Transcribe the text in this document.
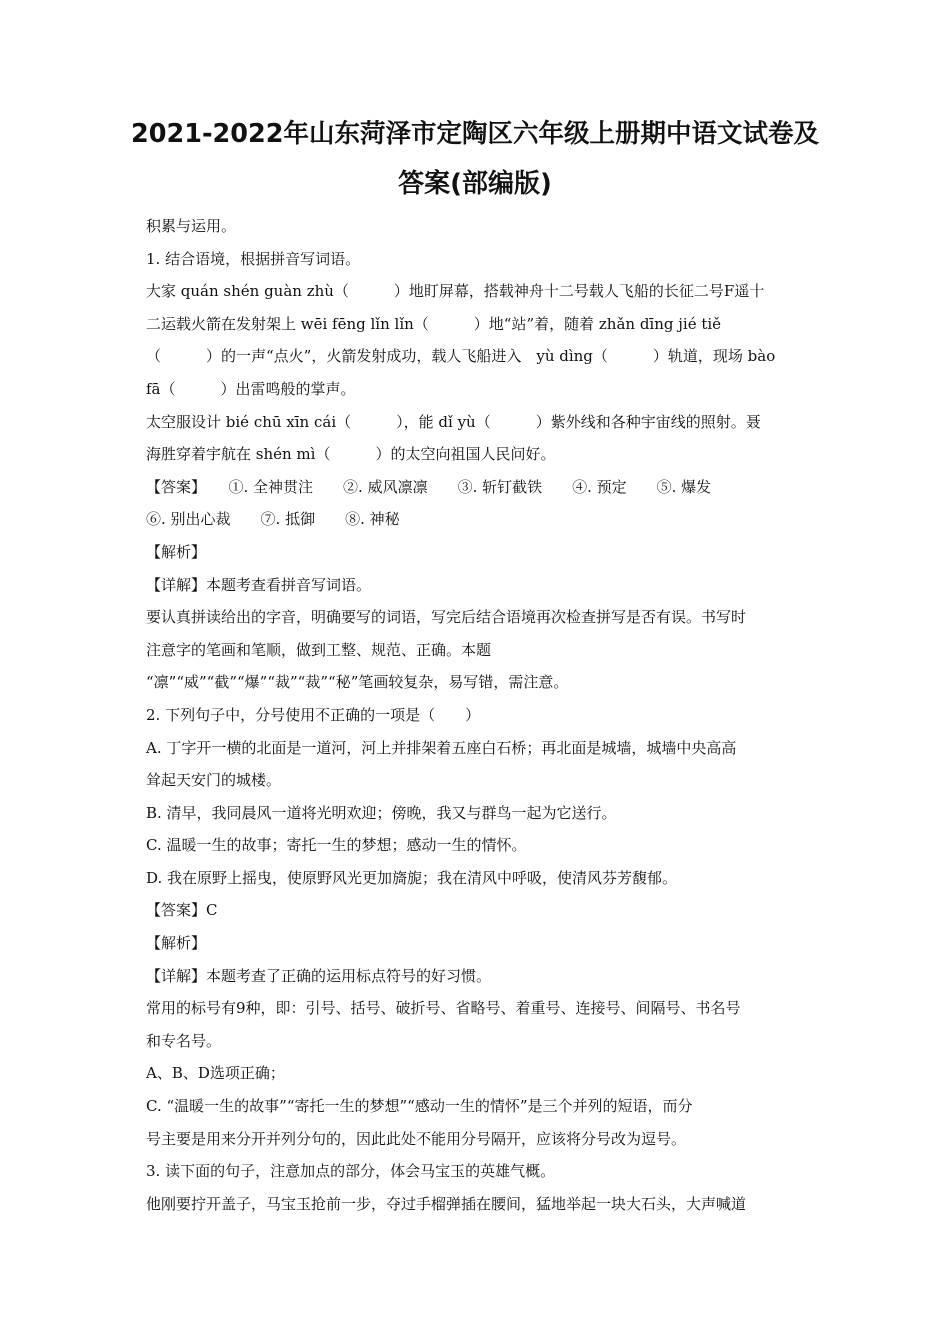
2021-2022年山东菏泽市定陶区六年级上册期中语文试卷及
答案(部编版)
积累与运用。
1. 结合语境，根据拼音写词语。
大家 quán shén guàn zhù（　　　）地盯屏幕，搭载神舟十二号载人飞船的长征二号F遥十
二运载火箭在发射架上 wēi fēng lǐn lǐn（　　　）地“站”着，随着 zhǎn dīng jié tiě
（　　　）的一声“点火”，火箭发射成功，载人飞船进入　yù dìng（　　　）轨道，现场 bào
fā（　　　）出雷鸣般的掌声。
太空服设计 bié chū xīn cái（　　　），能 dǐ yù（　　　）紫外线和各种宇宙线的照射。聂
海胜穿着宇航在 shén mì（　　　）的太空向祖国人民问好。
【答案】　　①. 全神贯注　　②. 威风凛凛　　③. 斩钉截铁　　④. 预定　　⑤. 爆发
⑥. 别出心裁　　⑦. 抵御　　⑧. 神秘
【解析】
【详解】本题考查看拼音写词语。
要认真拼读给出的字音，明确要写的词语，写完后结合语境再次检查拼写是否有误。书写时
注意字的笔画和笔顺，做到工整、规范、正确。本题
“凛”“威”“截”“爆”“裁”“裁”“秘”笔画较复杂，易写错，需注意。
2. 下列句子中，分号使用不正确的一项是（　　）
A. 丁字开一横的北面是一道河，河上并排架着五座白石桥；再北面是城墙，城墙中央高高
耸起天安门的城楼。
B. 清早，我同晨风一道将光明欢迎；傍晚，我又与群鸟一起为它送行。
C. 温暖一生的故事；寄托一生的梦想；感动一生的情怀。
D. 我在原野上摇曳，使原野风光更加旖旎；我在清风中呼吸，使清风芬芳馥郁。
【答案】C
【解析】
【详解】本题考查了正确的运用标点符号的好习惯。
常用的标号有9种，即：引号、括号、破折号、省略号、着重号、连接号、间隔号、书名号
和专名号。
A、B、D选项正确；
C. “温暖一生的故事”“寄托一生的梦想”“感动一生的情怀”是三个并列的短语，而分
号主要是用来分开并列分句的，因此此处不能用分号隔开，应该将分号改为逗号。
3. 读下面的句子，注意加点的部分，体会马宝玉的英雄气概。
他刚要拧开盖子，马宝玉抢前一步，夺过手榴弹插在腰间，猛地举起一块大石头，大声喊道
